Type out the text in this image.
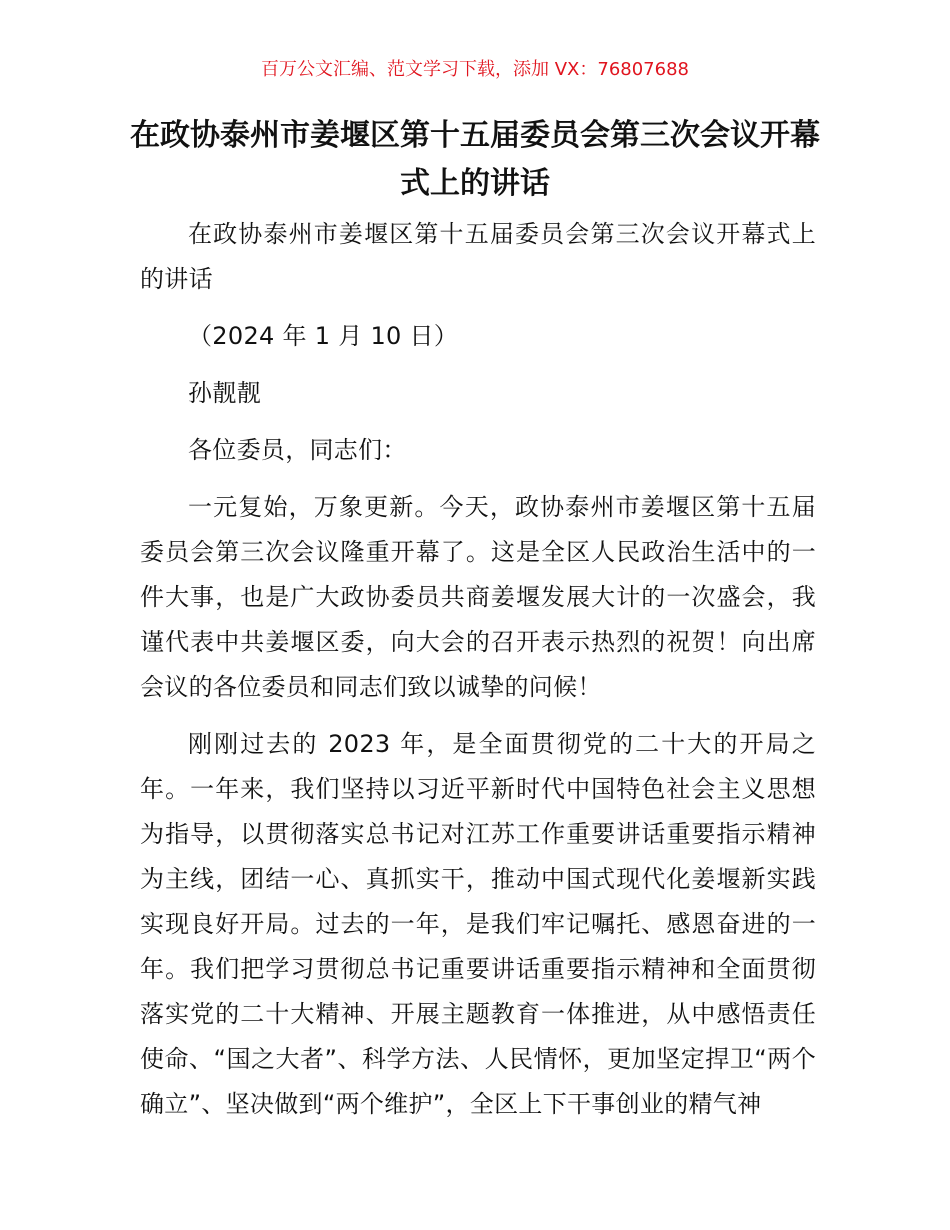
百万公文汇编、范文学习下载，添加 VX：76807688
在政协泰州市姜堰区第十五届委员会第三次会议开幕式上的讲话

在政协泰州市姜堰区第十五届委员会第三次会议开幕式上的讲话

（2024 年 1 月 10 日）

孙靓靓

各位委员，同志们：

一元复始，万象更新。今天，政协泰州市姜堰区第十五届委员会第三次会议隆重开幕了。这是全区人民政治生活中的一件大事，也是广大政协委员共商姜堰发展大计的一次盛会，我谨代表中共姜堰区委，向大会的召开表示热烈的祝贺！向出席会议的各位委员和同志们致以诚挚的问候！

刚刚过去的 2023 年，是全面贯彻党的二十大的开局之年。一年来，我们坚持以习近平新时代中国特色社会主义思想为指导，以贯彻落实总书记对江苏工作重要讲话重要指示精神为主线，团结一心、真抓实干，推动中国式现代化姜堰新实践实现良好开局。过去的一年，是我们牢记嘱托、感恩奋进的一年。我们把学习贯彻总书记重要讲话重要指示精神和全面贯彻落实党的二十大精神、开展主题教育一体推进，从中感悟责任使命、“国之大者”、科学方法、人民情怀，更加坚定捍卫“两个确立”、坚决做到“两个维护”，全区上下干事创业的精气神
